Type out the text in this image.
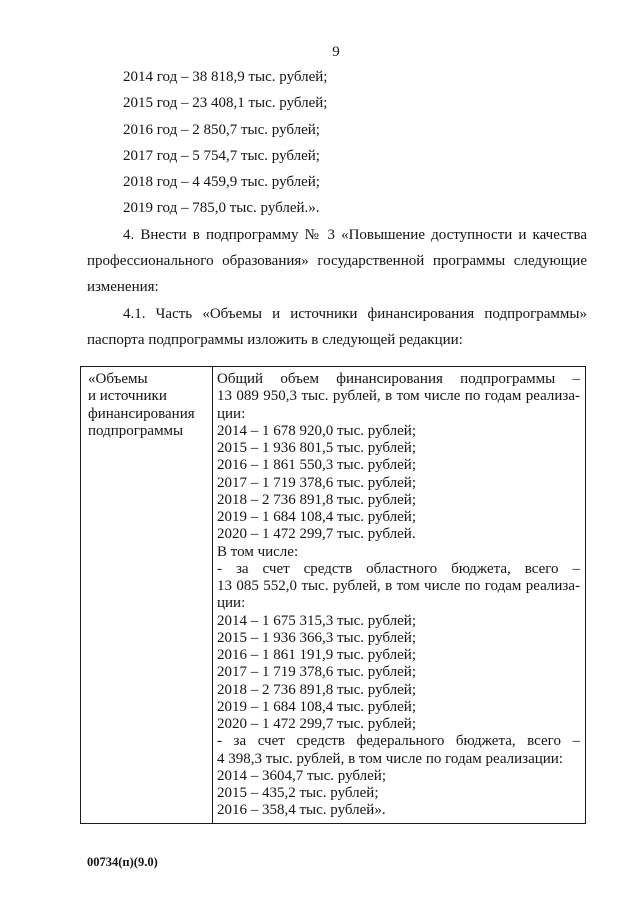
9
2014 год – 38 818,9 тыс. рублей;
2015 год – 23 408,1 тыс. рублей;
2016 год – 2 850,7 тыс. рублей;
2017 год – 5 754,7 тыс. рублей;
2018 год – 4 459,9 тыс. рублей;
2019 год – 785,0 тыс. рублей.».
4. Внести в подпрограмму № 3 «Повышение доступности и качества
профессионального образования» государственной программы следующие
изменения:
4.1. Часть «Объемы и источники финансирования подпрограммы»
паспорта подпрограммы изложить в следующей редакции:
«Объемы
и источники
финансирования
подпрограммы
Общий объем финансирования подпрограммы –
13 089 950,3 тыс. рублей, в том числе по годам реализа-
ции:
2014 – 1 678 920,0 тыс. рублей;
2015 – 1 936 801,5 тыс. рублей;
2016 – 1 861 550,3 тыс. рублей;
2017 – 1 719 378,6 тыс. рублей;
2018 – 2 736 891,8 тыс. рублей;
2019 – 1 684 108,4 тыс. рублей;
2020 – 1 472 299,7 тыс. рублей.
В том числе:
- за счет средств областного бюджета, всего –
13 085 552,0 тыс. рублей, в том числе по годам реализа-
ции:
2014 – 1 675 315,3 тыс. рублей;
2015 – 1 936 366,3 тыс. рублей;
2016 – 1 861 191,9 тыс. рублей;
2017 – 1 719 378,6 тыс. рублей;
2018 – 2 736 891,8 тыс. рублей;
2019 – 1 684 108,4 тыс. рублей;
2020 – 1 472 299,7 тыс. рублей;
- за счет средств федерального бюджета, всего –
4 398,3 тыс. рублей, в том числе по годам реализации:
2014 – 3604,7 тыс. рублей;
2015 – 435,2 тыс. рублей;
2016 – 358,4 тыс. рублей».
00734(п)(9.0)
